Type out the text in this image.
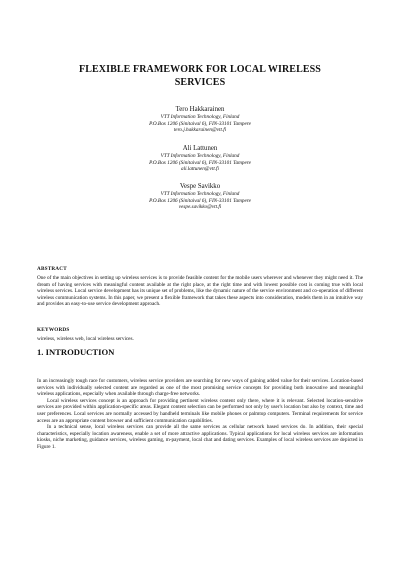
FLEXIBLE FRAMEWORK FOR LOCAL WIRELESS SERVICES
Tero Hakkarainen
VTT Information Technology, Finland
P.O.Box 1206 (Sinitaival 6), FIN-33101 Tampere
tero.j.hakkarainen@vtt.fi
Ali Lattunen
VTT Information Technology, Finland
P.O.Box 1206 (Sinitaival 6), FIN-33101 Tampere
ali.lattunen@vtt.fi
Vespe Savikko
VTT Information Technology, Finland
P.O.Box 1206 (Sinitaival 6), FIN-33101 Tampere
vespe.savikko@vtt.fi
ABSTRACT
One of the main objectives in setting up wireless services is to provide feasible content for the mobile users wherever and whenever they might need it. The dream of having services with meaningful content available at the right place, at the right time and with lowest possible cost is coming true with local wireless services. Local service development has its unique set of problems, like the dynamic nature of the service environment and co-operation of different wireless communication systems. In this paper, we present a flexible framework that takes these aspects into consideration, models them in an intuitive way and provides an easy-to-use service development approach.
KEYWORDS
wireless, wireless web, local wireless services.
1. INTRODUCTION

In an increasingly tough race for customers, wireless service providers are searching for new ways of gaining added value for their services. Location-based services with individually selected content are regarded as one of the most promising service concepts for providing both innovative and meaningful wireless applications, especially when available through charge-free networks.

Local wireless services concept is an approach for providing pertinent wireless content only there, where it is relevant. Selected location-sensitive services are provided within application-specific areas. Elegant content selection can be performed not only by user's location but also by context, time and user preferences. Local services are normally accessed by handheld terminals like mobile phones or palmtop computers. Terminal requirements for service access are an appropriate content browser and sufficient communication capabilities.

In a technical sense, local wireless services can provide all the same services as cellular network based services do. In addition, their special characteristics, especially location awareness, enable a set of more attractive applications. Typical applications for local wireless services are information kiosks, niche marketing, guidance services, wireless gaming, m-payment, local chat and dating services. Examples of local wireless services are depicted in Figure 1.
